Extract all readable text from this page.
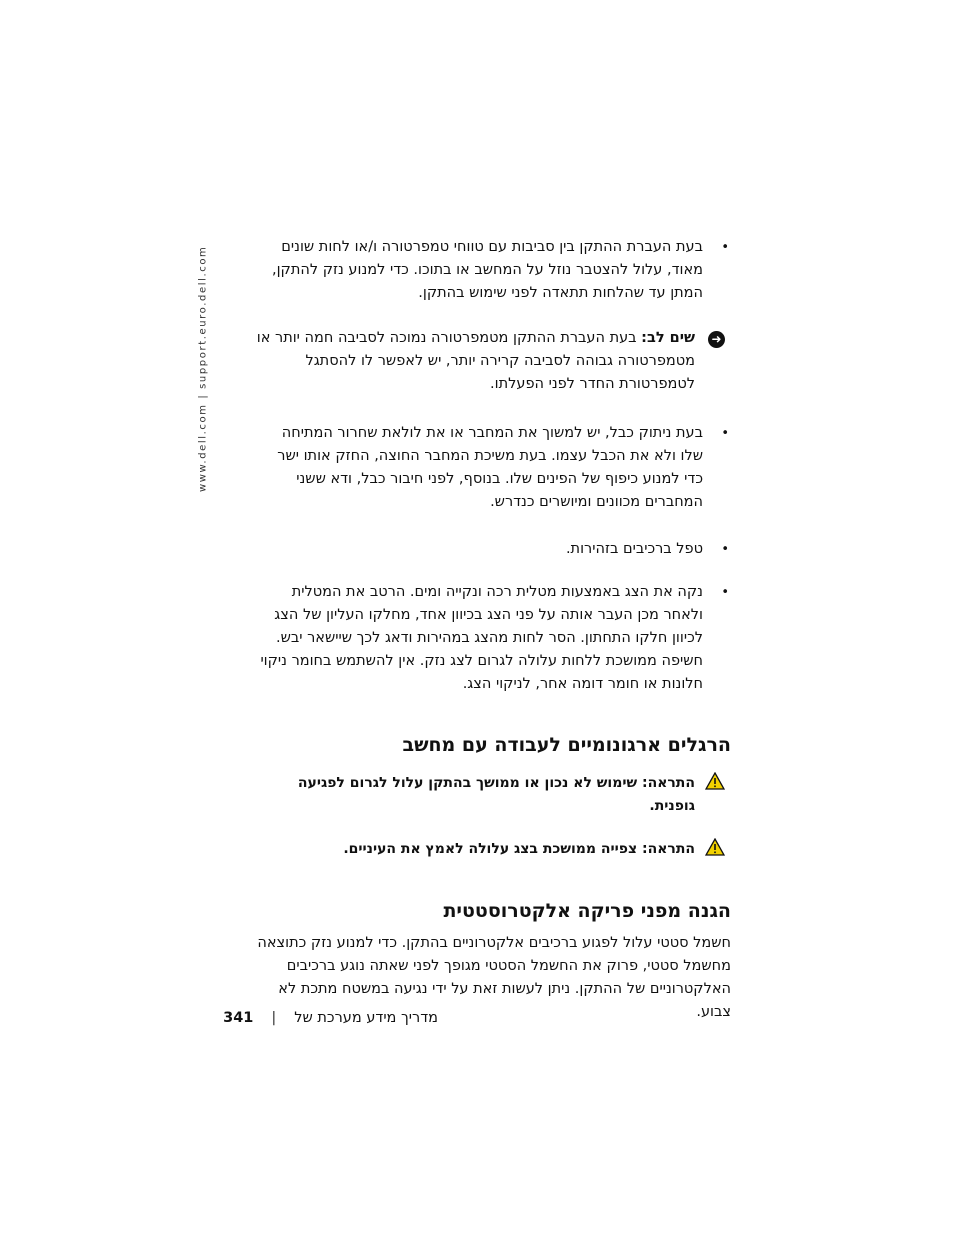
www.dell.com | support.euro.dell.com
•	בעת העברת ההתקן בין סביבות עם טווחי טמפרטורה ו/או לחות שונים מאוד, עלול להצטבר נוזל על המחשב או בתוכו. כדי למנוע נזק להתקן, המתן עד שהלחות תתאדה לפני שימוש בהתקן.
➜
שים לב: בעת העברת ההתקן מטמפרטורה נמוכה לסביבה חמה יותר או מטמפרטורה גבוהה לסביבה קרירה יותר, יש לאפשר לו להסתגל לטמפרטורת החדר לפני הפעלתו.
• בעת ניתוק כבל, יש למשוך את המחבר או את לולאת שחרור המתיחה שלו ולא את הכבל עצמו. בעת משיכת המחבר החוצה, החזק אותו ישר כדי למנוע כיפוף של הפינים שלו. בנוסף, לפני חיבור כבל, ודא ששני המחברים מכוונים ומיושרים כנדרש.
• טפל ברכיבים בזהירות.
• נקה את הצג באמצעות מטלית רכה ונקייה ומים. הרטב את המטלית ולאחר מכן העבר אותה על פני הצג בכיוון אחד, מחלקו העליון של הצג לכיוון חלקו התחתון. הסר לחות מהצג במהירות ודאג לכך שיישאר יבש. חשיפה ממושכת ללחות עלולה לגרום לצג נזק. אין להשתמש בחומר ניקוי חלונות או חומר דומה אחר, לניקוי הצג.
הרגלים ארגונומיים לעבודה עם מחשב
התראה: שימוש לא נכון או ממושך בהתקן עלול לגרום לפגיעה גופנית.
התראה: צפייה ממושכת בצג עלולה לאמץ את העיניים.
הגנה מפני פריקה אלקטרוסטטית
חשמל סטטי עלול לפגוע ברכיבים אלקטרוניים בהתקן. כדי למנוע נזק כתוצאה מחשמל סטטי, פרוק את החשמל הסטטי מגופך לפני שאתה נוגע ברכיבים האלקטרוניים של ההתקן. ניתן לעשות זאת על ידי נגיעה במשטח מתכת לא צבוע.
מדריך מידע מערכת של
|
341
